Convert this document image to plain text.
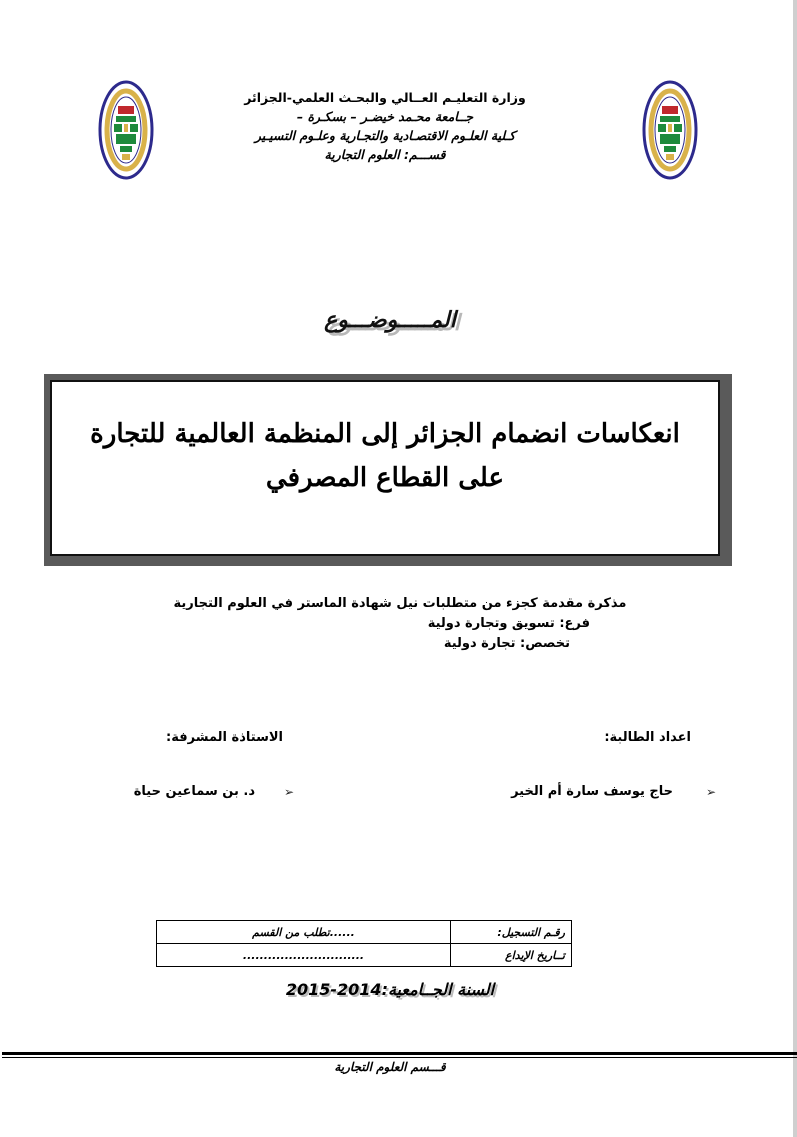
وزارة التعليـم العــالي والبحـث العلمي-الجزائر
جــامعة محـمد خيضـر – بسكـرة –
كـلية العلـوم الاقتصـادية والتجـارية وعلـوم التسيـير
قســـم: العلوم التجارية
المـــــوضـــوع
انعكاسات انضمام الجزائر إلى المنظمة العالمية للتجارة
على القطاع المصرفي
مذكرة مقدمة كجزء من متطلبات نيل شهادة الماستر في العلوم التجارية
فرع: تسويق وتجارة دولية
تخصص: تجارة دولية
اعداد الطالبة:
الاستاذة المشرفة:
➢
حاج يوسف سارة أم الخير
➢
د. بن سماعين حياة
......تطلب من القسم	رقـم التسجيل:
.............................	تــاريخ الإيداع
السنة الجــامعية:2014-2015
قـــسم العلوم التجارية
